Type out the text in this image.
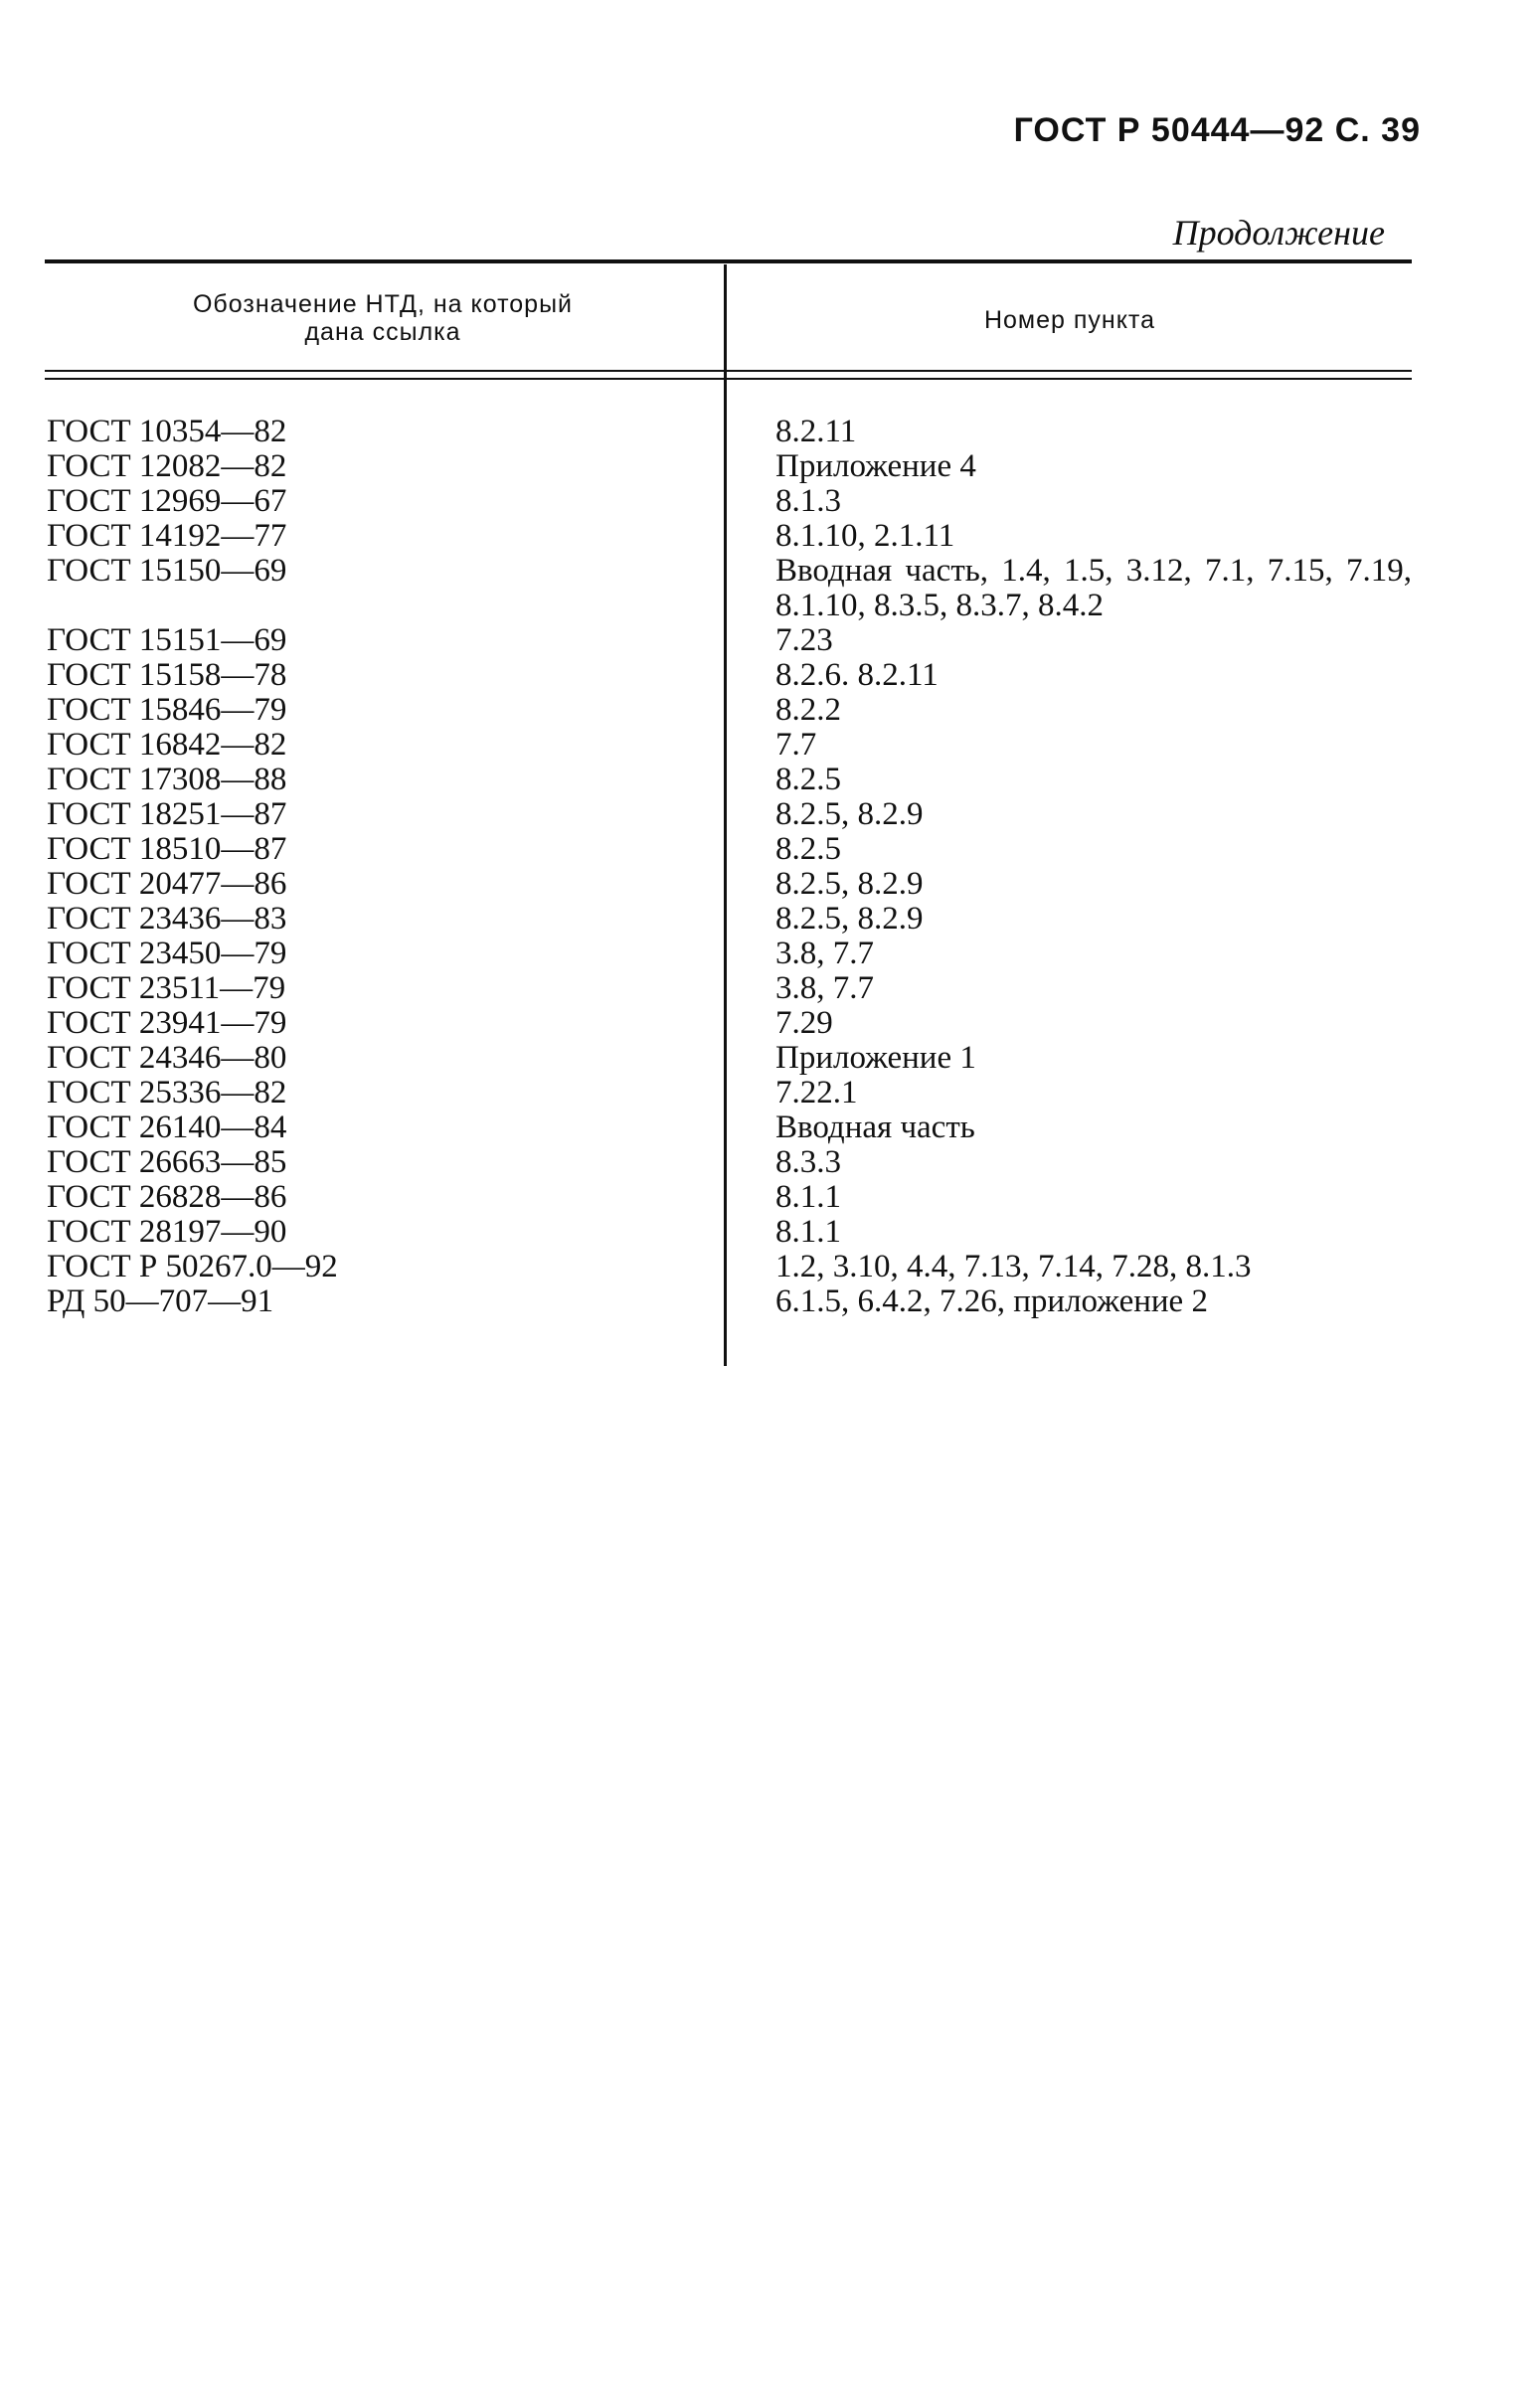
ГОСТ Р 50444—92 С. 39
Продолжение
Обозначение НТД, на который
дана ссылка	Номер пункта
ГОСТ 10354—82	8.2.11
ГОСТ 12082—82	Приложение 4
ГОСТ 12969—67	8.1.3
ГОСТ 14192—77	8.1.10, 2.1.11
ГОСТ 15150—69	Вводная часть, 1.4, 1.5, 3.12, 7.1, 7.15, 7.19, 8.1.10, 8.3.5, 8.3.7, 8.4.2
ГОСТ 15151—69	7.23
ГОСТ 15158—78	8.2.6. 8.2.11
ГОСТ 15846—79	8.2.2
ГОСТ 16842—82	7.7
ГОСТ 17308—88	8.2.5
ГОСТ 18251—87	8.2.5, 8.2.9
ГОСТ 18510—87	8.2.5
ГОСТ 20477—86	8.2.5, 8.2.9
ГОСТ 23436—83	8.2.5, 8.2.9
ГОСТ 23450—79	3.8, 7.7
ГОСТ 23511—79	3.8, 7.7
ГОСТ 23941—79	7.29
ГОСТ 24346—80	Приложение 1
ГОСТ 25336—82	7.22.1
ГОСТ 26140—84	Вводная часть
ГОСТ 26663—85	8.3.3
ГОСТ 26828—86	8.1.1
ГОСТ 28197—90	8.1.1
ГОСТ Р 50267.0—92	1.2, 3.10, 4.4, 7.13, 7.14, 7.28, 8.1.3
РД 50—707—91	6.1.5, 6.4.2, 7.26, приложение 2
